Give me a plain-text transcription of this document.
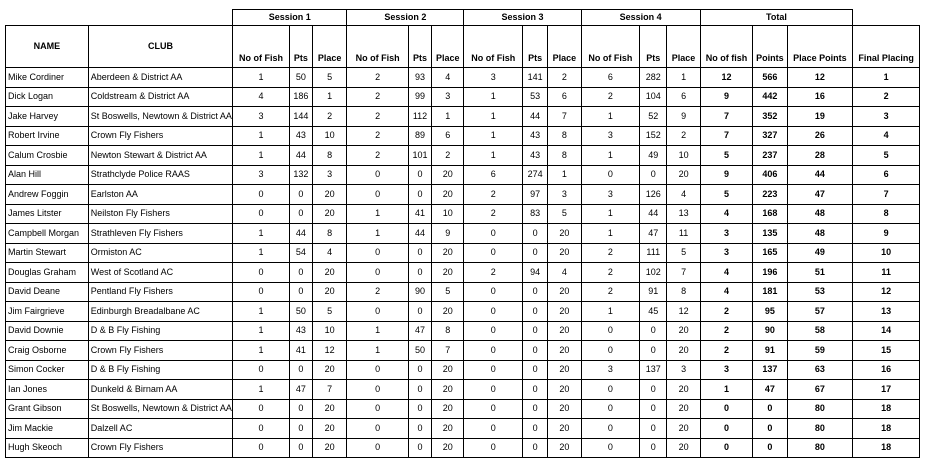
		Session 1			Session 2			Session 3			Session 4			Total			
NAME	CLUB	No of Fish	Pts	Place	No of Fish	Pts	Place	No of Fish	Pts	Place	No of Fish	Pts	Place	No of fish	Points	Place Points	Final Placing
Mike Cordiner	Aberdeen & District AA	1	50	5	2	93	4	3	141	2	6	282	1	12	566	12	1
Dick Logan	Coldstream & District AA	4	186	1	2	99	3	1	53	6	2	104	6	9	442	16	2
Jake Harvey	St Boswells, Newtown & District AA	3	144	2	2	112	1	1	44	7	1	52	9	7	352	19	3
Robert Irvine	Crown Fly Fishers	1	43	10	2	89	6	1	43	8	3	152	2	7	327	26	4
Calum Crosbie	Newton Stewart & District AA	1	44	8	2	101	2	1	43	8	1	49	10	5	237	28	5
Alan Hill	Strathclyde Police RAAS	3	132	3	0	0	20	6	274	1	0	0	20	9	406	44	6
Andrew Foggin	Earlston AA	0	0	20	0	0	20	2	97	3	3	126	4	5	223	47	7
James Litster	Neilston Fly Fishers	0	0	20	1	41	10	2	83	5	1	44	13	4	168	48	8
Campbell Morgan	Strathleven Fly Fishers	1	44	8	1	44	9	0	0	20	1	47	11	3	135	48	9
Martin Stewart	Ormiston AC	1	54	4	0	0	20	0	0	20	2	111	5	3	165	49	10
Douglas Graham	West of Scotland AC	0	0	20	0	0	20	2	94	4	2	102	7	4	196	51	11
David Deane	Pentland Fly Fishers	0	0	20	2	90	5	0	0	20	2	91	8	4	181	53	12
Jim Fairgrieve	Edinburgh Breadalbane AC	1	50	5	0	0	20	0	0	20	1	45	12	2	95	57	13
David Downie	D & B Fly Fishing	1	43	10	1	47	8	0	0	20	0	0	20	2	90	58	14
Craig Osborne	Crown Fly Fishers	1	41	12	1	50	7	0	0	20	0	0	20	2	91	59	15
Simon Cocker	D & B Fly Fishing	0	0	20	0	0	20	0	0	20	3	137	3	3	137	63	16
Ian Jones	Dunkeld & Birnam AA	1	47	7	0	0	20	0	0	20	0	0	20	1	47	67	17
Grant Gibson	St Boswells, Newtown & District AA	0	0	20	0	0	20	0	0	20	0	0	20	0	0	80	18
Jim Mackie	Dalzell AC	0	0	20	0	0	20	0	0	20	0	0	20	0	0	80	18
Hugh Skeoch	Crown Fly Fishers	0	0	20	0	0	20	0	0	20	0	0	20	0	0	80	18
